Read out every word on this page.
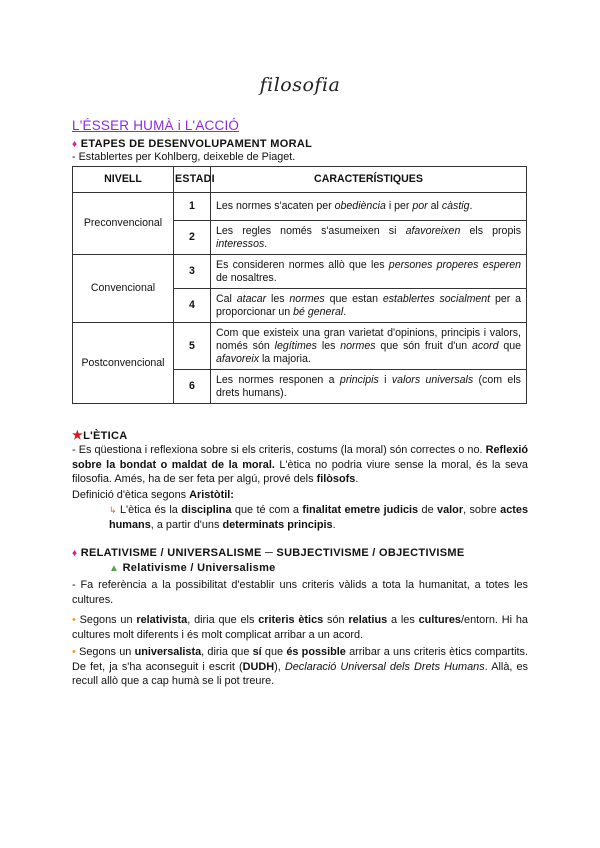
filosofia
L'ÉSSER HUMÀ i L'ACCIÓ
♦ ETAPES DE DESENVOLUPAMENT MORAL
- Establertes per Kohlberg, deixeble de Piaget.
NIVELL	ESTADI	CARACTERÍSTIQUES
Preconvencional	1	Les normes s'acaten per obediència i per por al càstig.
	2	Les regles només s'asumeixen si afavoreixen els propis interessos.
Convencional	3	Es consideren normes allò que les persones properes esperen de nosaltres.
	4	Cal atacar les normes que estan establertes socialment per a proporcionar un bé general.
Postconvencional	5	Com que existeix una gran varietat d'opinions, principis i valors, només són legítimes les normes que són fruit d'un acord que afavoreix la majoria.
	6	Les normes responen a principis i valors universals (com els drets humans).
★L'ÈTICA

- Es qüestiona i reflexiona sobre si els criteris, costums (la moral) són correctes o no. Reflexió sobre la bondat o maldat de la moral. L'ètica no podria viure sense la moral, és la seva filosofia. Amés, ha de ser feta per algú, prové dels filòsofs.

Definició d'ètica segons Aristòtil:

↳ L'ètica és la disciplina que té com a finalitat emetre judicis de valor, sobre actes humans, a partir d'uns determinats principis.

♦ RELATIVISME / UNIVERSALISME ─ SUBJECTIVISME / OBJECTIVISME
▲ Relativisme / Universalisme

- Fa referència a la possibilitat d'establir uns criteris vàlids a tota la humanitat, a totes les cultures.

• Segons un relativista, diria que els criteris ètics són relatius a les cultures/entorn. Hi ha cultures molt diferents i és molt complicat arribar a un acord.

• Segons un universalista, diria que sí que és possible arribar a uns criteris ètics compartits. De fet, ja s'ha aconseguit i escrit (DUDH), Declaració Universal dels Drets Humans. Allà, es recull allò que a cap humà se li pot treure.
